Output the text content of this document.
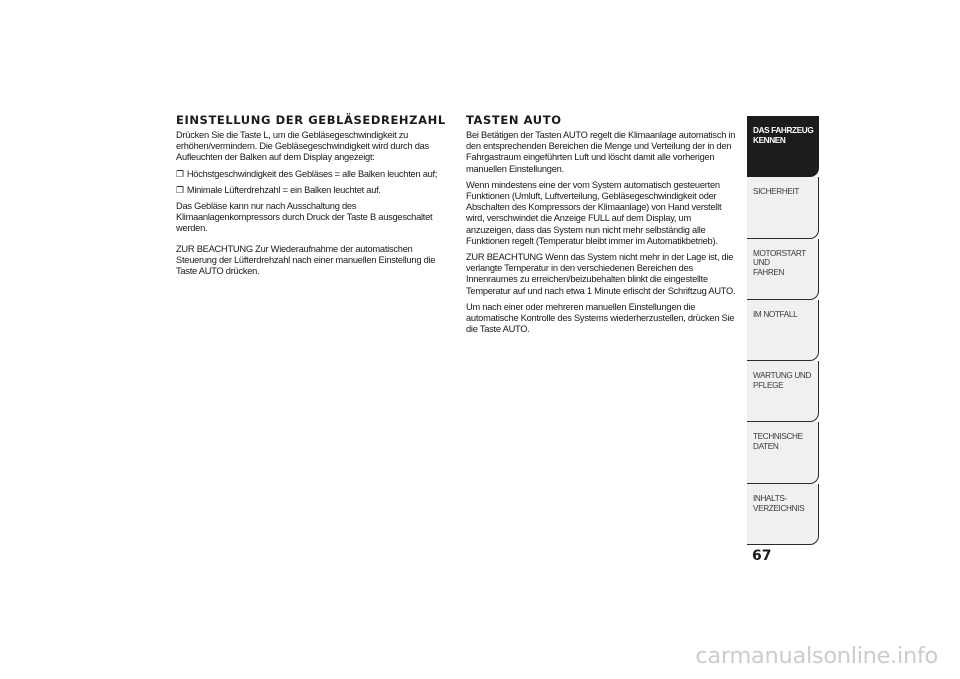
EINSTELLUNG DER GEBLÄSEDREHZAHL

Drücken Sie die Taste L, um die Gebläsegeschwindigkeit zu erhöhen/vermindern. Die Gebläsegeschwindigkeit wird durch das Aufleuchten der Balken auf dem Display angezeigt:

❐ Höchstgeschwindigkeit des Gebläses = alle Balken leuchten auf;
❐ Minimale Lüfterdrehzahl = ein Balken leuchtet auf.

Das Gebläse kann nur nach Ausschaltung des Klimaanlagenkompressors durch Druck der Taste B ausgeschaltet werden.

ZUR BEACHTUNG Zur Wiederaufnahme der automatischen Steuerung der Lüfterdrehzahl nach einer manuellen Einstellung die Taste AUTO drücken.

TASTEN AUTO

Bei Betätigen der Tasten AUTO regelt die Klimaanlage automatisch in den entsprechenden Bereichen die Menge und Verteilung der in den Fahrgastraum eingeführten Luft und löscht damit alle vorherigen manuellen Einstellungen.

Wenn mindestens eine der vom System automatisch gesteuerten Funktionen (Umluft, Luftverteilung, Gebläsegeschwindigkeit oder Abschalten des Kompressors der Klimaanlage) von Hand verstellt wird, verschwindet die Anzeige FULL auf dem Display, um anzuzeigen, dass das System nun nicht mehr selbständig alle Funktionen regelt (Temperatur bleibt immer im Automatikbetrieb).

ZUR BEACHTUNG Wenn das System nicht mehr in der Lage ist, die verlangte Temperatur in den verschiedenen Bereichen des Innenraumes zu erreichen/beizubehalten blinkt die eingestellte Temperatur auf und nach etwa 1 Minute erlischt der Schriftzug AUTO.

Um nach einer oder mehreren manuellen Einstellungen die automatische Kontrolle des Systems wiederherzustellen, drücken Sie die Taste AUTO.

DAS FAHRZEUG
KENNEN
SICHERHEIT
MOTORSTART UND
FAHREN
IM NOTFALL
WARTUNG UND
PFLEGE
TECHNISCHE DATEN
INHALTS-
VERZEICHNIS
67
carmanualsonline.info
